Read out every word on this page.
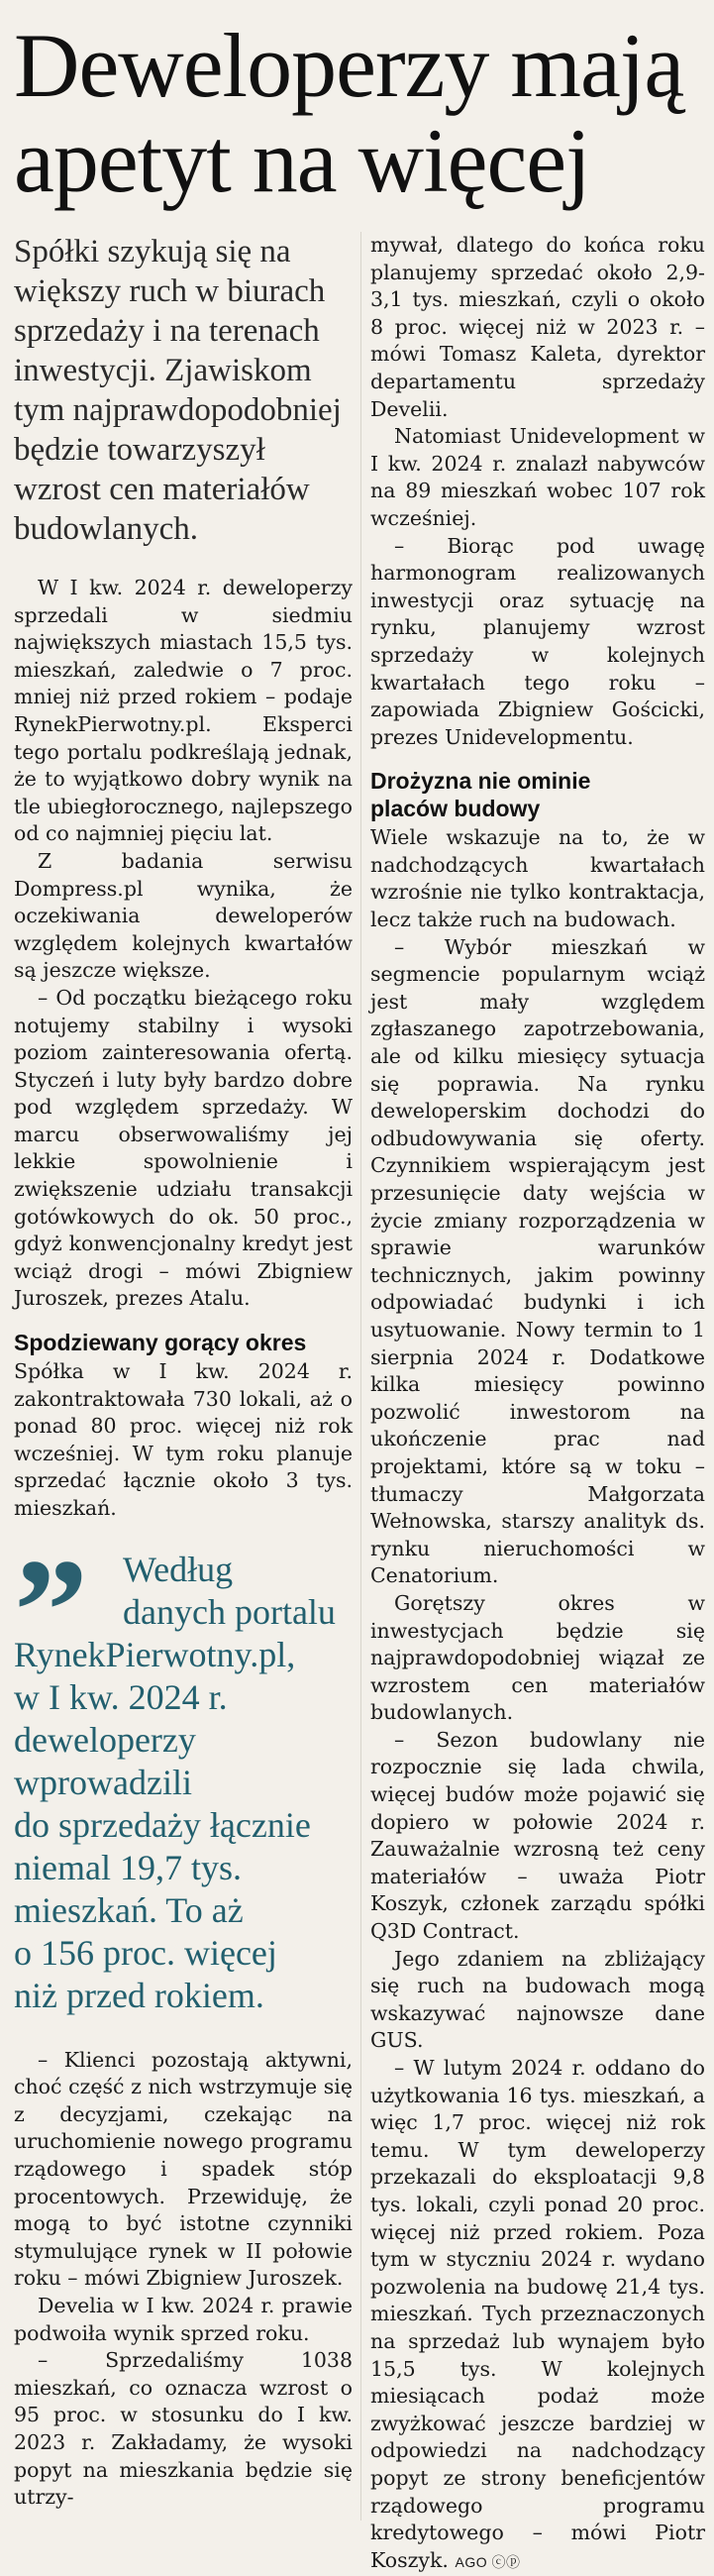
Deweloperzy mają
apetyt na więcej
Spółki szykują się na
większy ruch w biurach
sprzedaży i na terenach
inwestycji. Zjawiskom
tym najprawdopodobniej
będzie towarzyszył
wzrost cen materiałów
budowlanych.

W I kw. 2024 r. deweloperzy sprzedali w siedmiu największych miastach 15,5 tys. mieszkań, zaledwie o 7 proc. mniej niż przed rokiem – podaje RynekPierwotny.pl. Eksperci tego portalu podkreślają jednak, że to wyjątkowo dobry wynik na tle ubiegłorocznego, najlepszego od co najmniej pięciu lat.

Z badania serwisu Dompress.pl wynika, że oczekiwania deweloperów względem kolejnych kwartałów są jeszcze większe.

– Od początku bieżącego roku notujemy stabilny i wysoki poziom zainteresowania ofertą. Styczeń i luty były bardzo dobre pod względem sprzedaży. W marcu obserwowaliśmy jej lekkie spowolnienie i zwiększenie udziału transakcji gotówkowych do ok. 50 proc., gdyż konwencjonalny kredyt jest wciąż drogi – mówi Zbigniew Juroszek, prezes Atalu.

Spodziewany gorący okres

Spółka w I kw. 2024 r. zakontraktowała 730 lokali, aż o ponad 80 proc. więcej niż rok wcześniej. W tym roku planuje sprzedać łącznie około 3 tys. mieszkań.

” Według
danych portalu
RynekPierwotny.pl,
w I kw. 2024 r.
deweloperzy
wprowadzili
do sprzedaży łącznie
niemal 19,7 tys.
mieszkań. To aż
o 156 proc. więcej
niż przed rokiem.

– Klienci pozostają aktywni, choć część z nich wstrzymuje się z decyzjami, czekając na uruchomienie nowego programu rządowego i spadek stóp procentowych. Przewiduję, że mogą to być istotne czynniki stymulujące rynek w II połowie roku – mówi Zbigniew Juroszek.

Develia w I kw. 2024 r. prawie podwoiła wynik sprzed roku.

– Sprzedaliśmy 1038 mieszkań, co oznacza wzrost o 95 proc. w stosunku do I kw. 2023 r. Zakładamy, że wysoki popyt na mieszkania będzie się utrzy-

mywał, dlatego do końca roku planujemy sprzedać około 2,9-3,1 tys. mieszkań, czyli o około 8 proc. więcej niż w 2023 r. – mówi Tomasz Kaleta, dyrektor departamentu sprzedaży Develii.

Natomiast Unidevelopment w I kw. 2024 r. znalazł nabywców na 89 mieszkań wobec 107 rok wcześniej.

– Biorąc pod uwagę harmonogram realizowanych inwestycji oraz sytuację na rynku, planujemy wzrost sprzedaży w kolejnych kwartałach tego roku – zapowiada Zbigniew Gościcki, prezes Unidevelopmentu.

Drożyzna nie ominie
placów budowy

Wiele wskazuje na to, że w nadchodzących kwartałach wzrośnie nie tylko kontraktacja, lecz także ruch na budowach.

– Wybór mieszkań w segmencie popularnym wciąż jest mały względem zgłaszanego zapotrzebowania, ale od kilku miesięcy sytuacja się poprawia. Na rynku deweloperskim dochodzi do odbudowywania się oferty. Czynnikiem wspierającym jest przesunięcie daty wejścia w życie zmiany rozporządzenia w sprawie warunków technicznych, jakim powinny odpowiadać budynki i ich usytuowanie. Nowy termin to 1 sierpnia 2024 r. Dodatkowe kilka miesięcy powinno pozwolić inwestorom na ukończenie prac nad projektami, które są w toku – tłumaczy Małgorzata Wełnowska, starszy analityk ds. rynku nieruchomości w Cenatorium.

Gorętszy okres w inwestycjach będzie się najprawdopodobniej wiązał ze wzrostem cen materiałów budowlanych.

– Sezon budowlany nie rozpocznie się lada chwila, więcej budów może pojawić się dopiero w połowie 2024 r. Zauważalnie wzrosną też ceny materiałów – uważa Piotr Koszyk, członek zarządu spółki Q3D Contract.

Jego zdaniem na zbliżający się ruch na budowach mogą wskazywać najnowsze dane GUS.

– W lutym 2024 r. oddano do użytkowania 16 tys. mieszkań, a więc 1,7 proc. więcej niż rok temu. W tym deweloperzy przekazali do eksploatacji 9,8 tys. lokali, czyli ponad 20 proc. więcej niż przed rokiem. Poza tym w styczniu 2024 r. wydano pozwolenia na budowę 21,4 tys. mieszkań. Tych przeznaczonych na sprzedaż lub wynajem było 15,5 tys. W kolejnych miesiącach podaż może zwyżkować jeszcze bardziej w odpowiedzi na nadchodzący popyt ze strony beneficjentów rządowego programu kredytowego – mówi Piotr Koszyk. AGO ⓒⓟ
